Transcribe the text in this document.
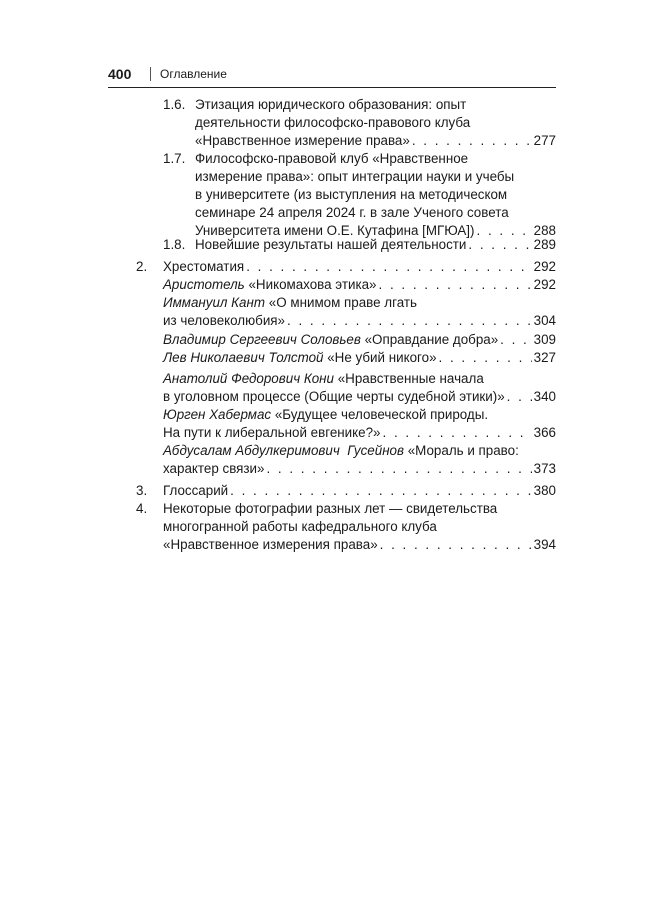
400 Оглавление
1.6. Этизация юридического образования: опыт
деятельности философско-правового клуба
«Нравственное измерение права» . . .	277
1.7. Философско-правовой клуб «Нравственное
измерение права»: опыт интеграции науки и учебы
в университете (из выступления на методическом
семинаре 24 апреля 2024 г. в зале Ученого совета
Университета имени О.Е. Кутафина [МГЮА]) . . .	288
1.8. Новейшие результаты нашей деятельности . . .	289
2. Хрестоматия . . .	292
Аристотель «Никомахова этика» . . .	292
Иммануил Кант «О мнимом праве лгать
из человеколюбия» . . .	304
Владимир Сергеевич Соловьев «Оправдание добра» . . .	309
Лев Николаевич Толстой «Не убий никого» . . .	327
Анатолий Федорович Кони «Нравственные начала
в уголовном процессе (Общие черты судебной этики)» . . . 340
Юрген Хабермас «Будущее человеческой природы.
На пути к либеральной евгенике?» . . .	366
Абдусалам Абдулкеримович  Гусейнов «Мораль и право:
характер связи» . . .	373
3. Глоссарий . . .	380
4. Некоторые фотографии разных лет — свидетельства
многогранной работы кафедрального клуба
«Нравственное измерения права» . . .	394
